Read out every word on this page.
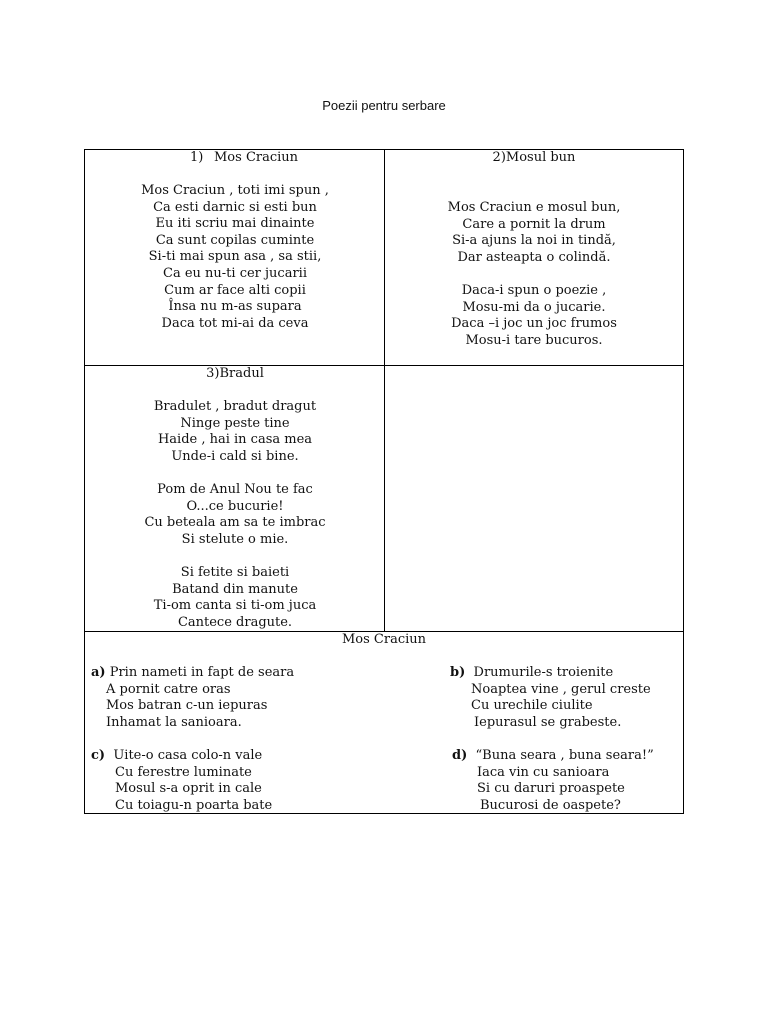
Poezii pentru serbare
1) Mos Craciun
Mos Craciun , toti imi spun ,
Ca esti darnic si esti bun
Eu iti scriu mai dinainte
Ca sunt copilas cuminte
Si-ti mai spun asa , sa stii,
Ca eu nu-ti cer jucarii
Cum ar face alti copii
Însa nu m-as supara
Daca tot mi-ai da ceva
2)Mosul bun
Mos Craciun e mosul bun,
Care a pornit la drum
Si-a ajuns la noi in tindă,
Dar asteapta o colindă.
Daca-i spun o poezie ,
Mosu-mi da o jucarie.
Daca –i joc un joc frumos
Mosu-i tare bucuros.
3)Bradul
Bradulet , bradut dragut
Ninge peste tine
Haide , hai in casa mea
Unde-i cald si bine.
Pom de Anul Nou te fac
O...ce bucurie!
Cu beteala am sa te imbrac
Si stelute o mie.
Si fetite si baieti
Batand din manute
Ti-om canta si ti-om juca
Cantece dragute.
Mos Craciun
a) Prin nameti in fapt de seara
A pornit catre oras
Mos batran c-un iepuras
Inhamat la sanioara.
b) Drumurile-s troienite
Noaptea vine , gerul creste
Cu urechile ciulite
Iepurasul se grabeste.
c) Uite-o casa colo-n vale
Cu ferestre luminate
Mosul s-a oprit in cale
Cu toiagu-n poarta bate
d) “Buna seara , buna seara!”
Iaca vin cu sanioara
Si cu daruri proaspete
Bucurosi de oaspete?
